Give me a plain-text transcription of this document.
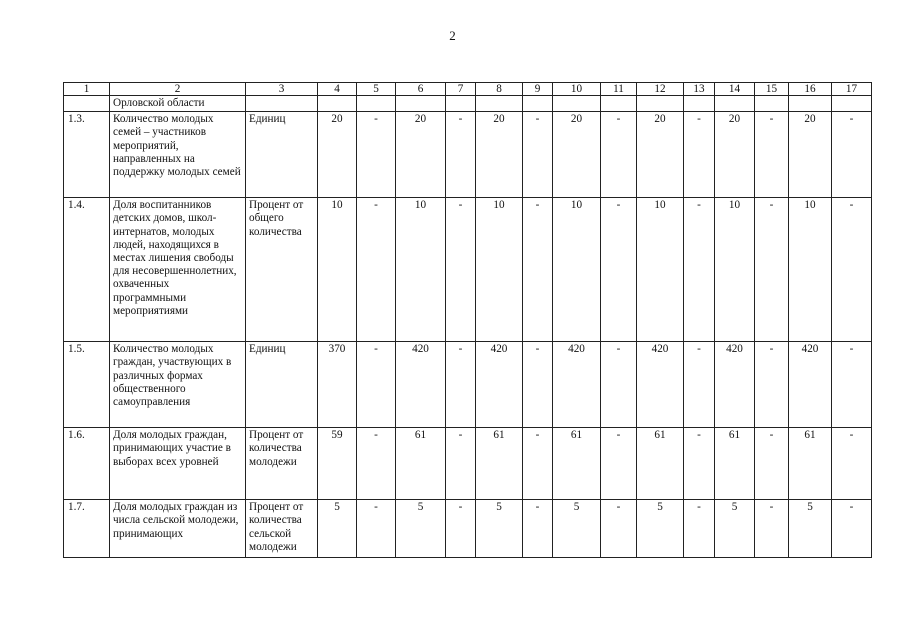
2
1	2	3	4	5	6	7	8	9	10	11	12	13	14	15	16	17
	Орловской области															
1.3.	Количество молодых семей – участников мероприятий, направленных на поддержку молодых семей	Единиц	20	-	20	-	20	-	20	-	20	-	20	-	20	-
1.4.	Доля воспитанников детских домов, школ-интернатов, молодых людей, находящихся в местах лишения свободы для несовершеннолетних, охваченных программными мероприятиями	Процент от общего количества	10	-	10	-	10	-	10	-	10	-	10	-	10	-
1.5.	Количество молодых граждан, участвующих в различных формах общественного самоуправления	Единиц	370	-	420	-	420	-	420	-	420	-	420	-	420	-
1.6.	Доля молодых граждан, принимающих участие в выборах всех уровней	Процент от количества молодежи	59	-	61	-	61	-	61	-	61	-	61	-	61	-
1.7.	Доля молодых граждан из числа сельской молодежи, принимающих	Процент от количества сельской молодежи	5	-	5	-	5	-	5	-	5	-	5	-	5	-
